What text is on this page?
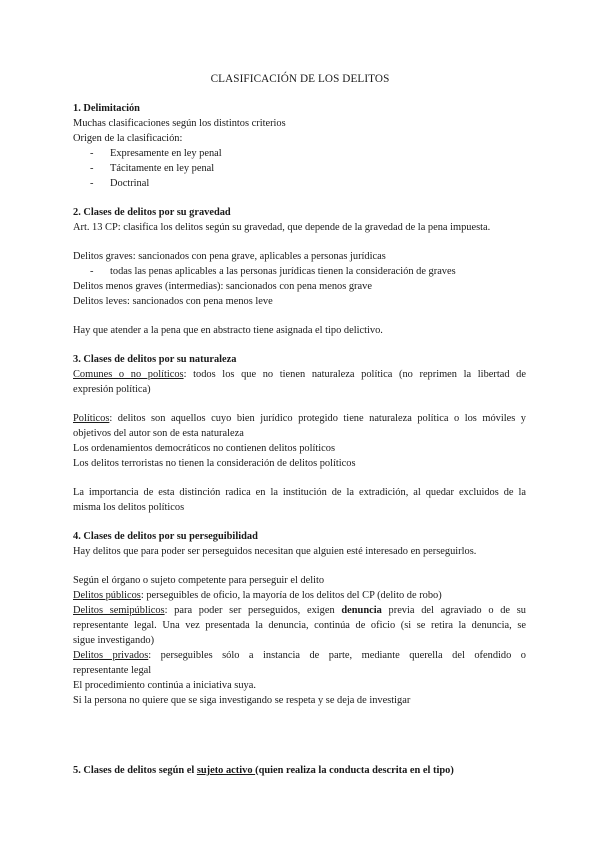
CLASIFICACIÓN DE LOS DELITOS
1. Delimitación
Muchas clasificaciones según los distintos criterios
Origen de la clasificación:
- Expresamente en ley penal
- Tácitamente en ley penal
- Doctrinal
2. Clases de delitos por su gravedad
Art. 13 CP: clasifica los delitos según su gravedad, que depende de la gravedad de la pena impuesta.
Delitos graves: sancionados con pena grave, aplicables a personas jurídicas
- todas las penas aplicables a las personas jurídicas tienen la consideración de graves
Delitos menos graves (intermedias): sancionados con pena menos grave
Delitos leves: sancionados con pena menos leve
Hay que atender a la pena que en abstracto tiene asignada el tipo delictivo.
3. Clases de delitos por su naturaleza
Comunes o no políticos: todos los que no tienen naturaleza política (no reprimen la libertad de
expresión política)
Políticos: delitos son aquellos cuyo bien jurídico protegido tiene naturaleza política o los móviles y
objetivos del autor son de esta naturaleza
Los ordenamientos democráticos no contienen delitos políticos
Los delitos terroristas no tienen la consideración de delitos políticos
La importancia de esta distinción radica en la institución de la extradición, al quedar excluidos de la
misma los delitos políticos
4. Clases de delitos por su perseguibilidad
Hay delitos que para poder ser perseguidos necesitan que alguien esté interesado en perseguirlos.
Según el órgano o sujeto competente para perseguir el delito
Delitos públicos: perseguibles de oficio, la mayoría de los delitos del CP (delito de robo)
Delitos semipúblicos: para poder ser perseguidos, exigen denuncia previa del agraviado o de su
representante legal. Una vez presentada la denuncia, continúa de oficio (si se retira la denuncia, se
sigue investigando)
Delitos privados: perseguibles sólo a instancia de parte, mediante querella del ofendido o
representante legal
El procedimiento continúa a iniciativa suya.
Si la persona no quiere que se siga investigando se respeta y se deja de investigar
5. Clases de delitos según el sujeto activo (quien realiza la conducta descrita en el tipo)
